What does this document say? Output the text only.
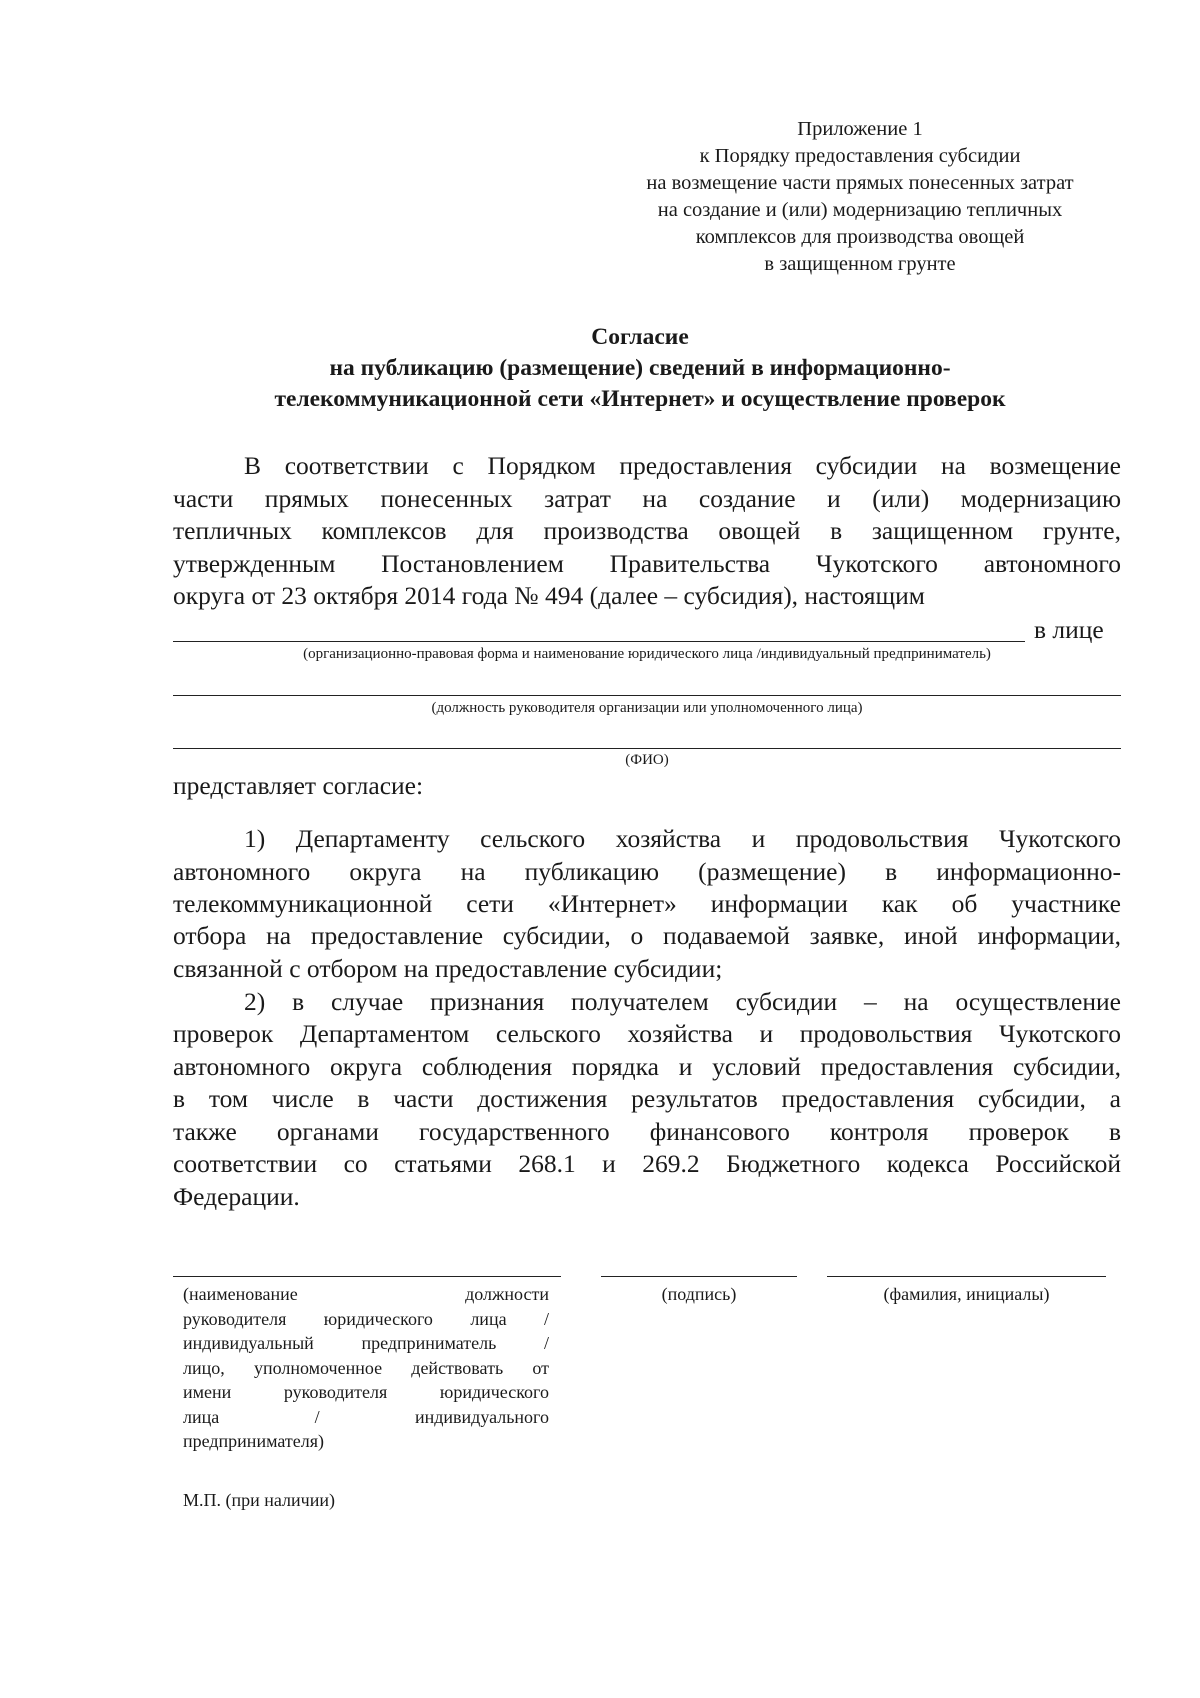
Приложение 1
к Порядку предоставления субсидии
на возмещение части прямых понесенных затрат
на создание и (или) модернизацию тепличных
комплексов для производства овощей
в защищенном грунте
Согласие
на публикацию (размещение) сведений в информационно-
телекоммуникационной сети «Интернет» и осуществление проверок
В соответствии с Порядком предоставления субсидии на возмещение
части прямых понесенных затрат на создание и (или) модернизацию
тепличных комплексов для производства овощей в защищенном грунте,
утвержденным Постановлением Правительства Чукотского автономного
округа от 23 октября 2014 года № 494 (далее – субсидия), настоящим
в лице
(организационно-правовая форма и наименование юридического лица /индивидуальный предприниматель)
(должность руководителя организации или уполномоченного лица)
(ФИО)
представляет согласие:
1) Департаменту сельского хозяйства и продовольствия Чукотского
автономного округа на публикацию (размещение) в информационно-
телекоммуникационной сети «Интернет» информации как об участнике
отбора на предоставление субсидии, о подаваемой заявке, иной информации,
связанной с отбором на предоставление субсидии;
2) в случае признания получателем субсидии – на осуществление
проверок Департаментом сельского хозяйства и продовольствия Чукотского
автономного округа соблюдения порядка и условий предоставления субсидии,
в том числе в части достижения результатов предоставления субсидии, а
также органами государственного финансового контроля проверок в
соответствии со статьями 268.1 и 269.2 Бюджетного кодекса Российской
Федерации.
(наименование должности
руководителя юридического лица /
индивидуальный предприниматель /
лицо, уполномоченное действовать от
имени руководителя юридического
лица / индивидуального
предпринимателя)
(подпись)	(фамилия, инициалы)
М.П. (при наличии)
